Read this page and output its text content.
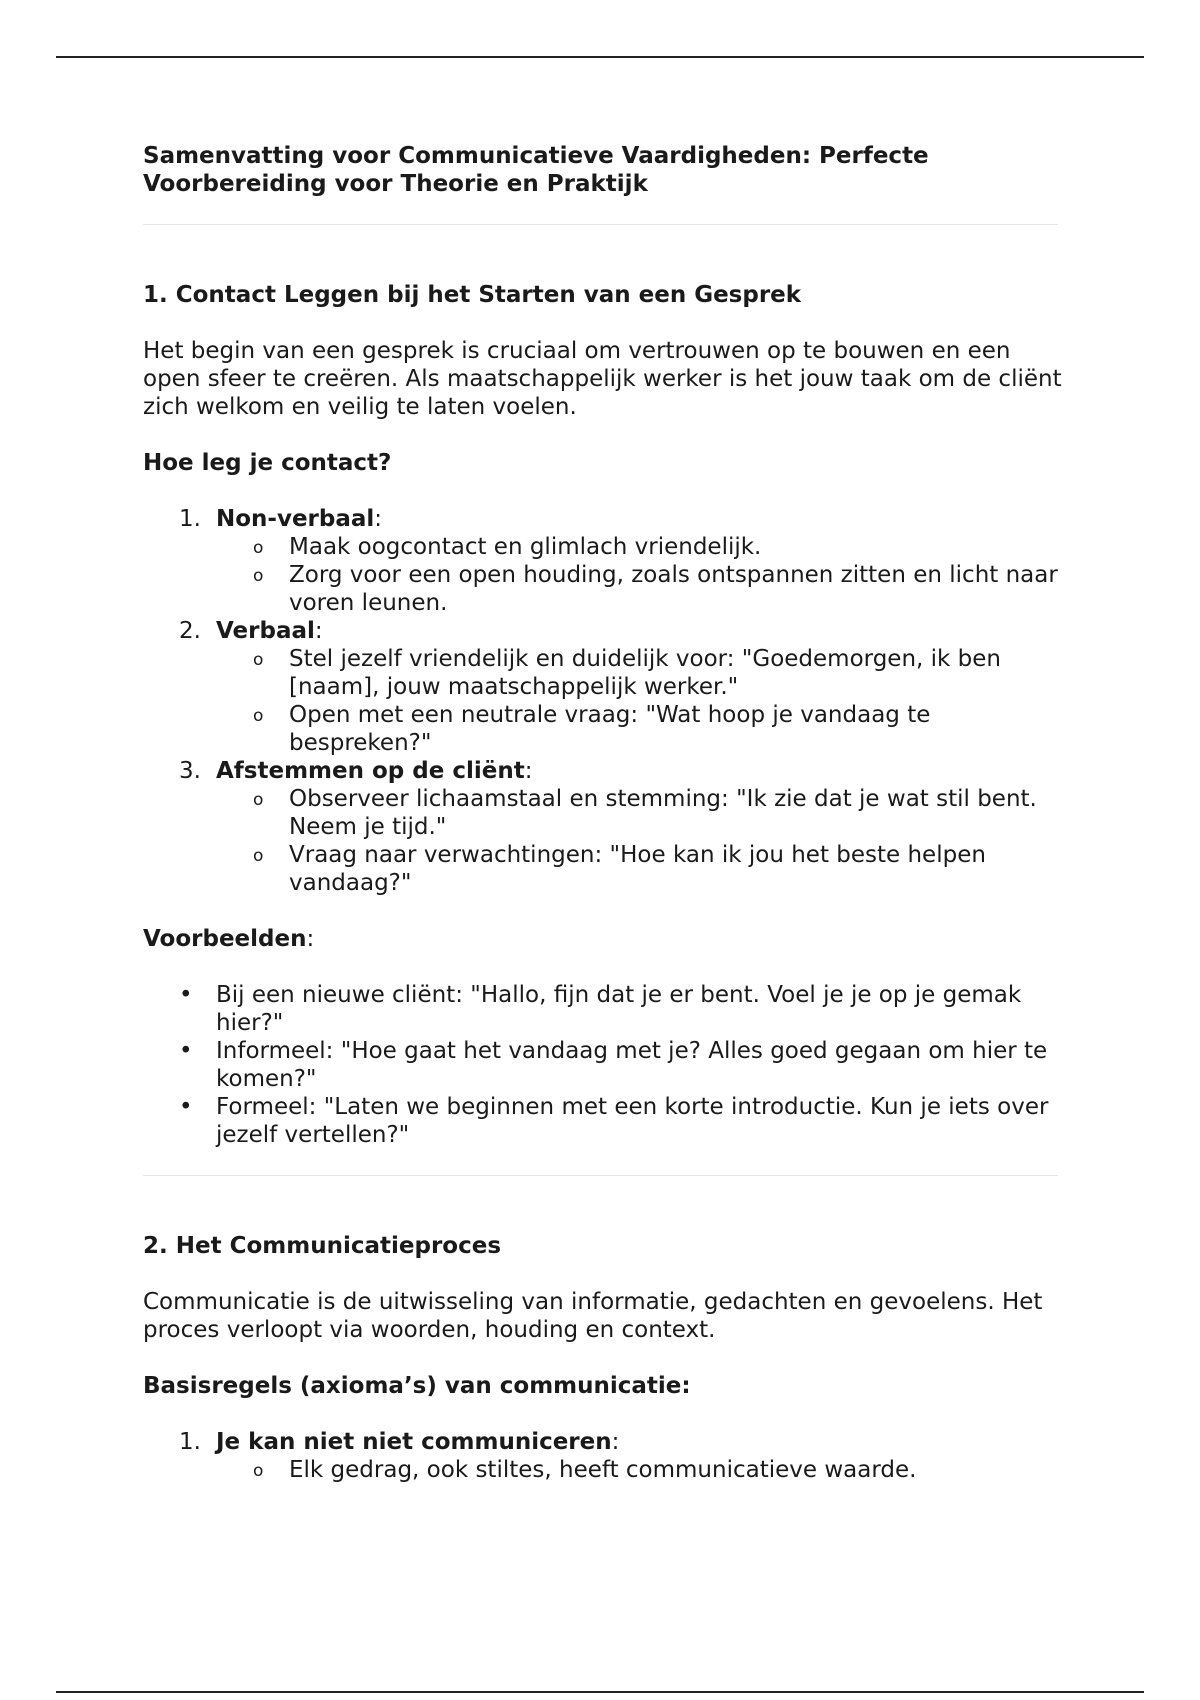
Samenvatting voor Communicatieve Vaardigheden: Perfecte Voorbereiding voor Theorie en Praktijk
1. Contact Leggen bij het Starten van een Gesprek

Het begin van een gesprek is cruciaal om vertrouwen op te bouwen en een open sfeer te creëren. Als maatschappelijk werker is het jouw taak om de cliënt zich welkom en veilig te laten voelen.

Hoe leg je contact?
1. Non-verbaal:
o Maak oogcontact en glimlach vriendelijk.
o Zorg voor een open houding, zoals ontspannen zitten en licht naar voren leunen.
2. Verbaal:
o Stel jezelf vriendelijk en duidelijk voor: "Goedemorgen, ik ben [naam], jouw maatschappelijk werker."
o Open met een neutrale vraag: "Wat hoop je vandaag te bespreken?"
3. Afstemmen op de cliënt:
o Observeer lichaamstaal en stemming: "Ik zie dat je wat stil bent. Neem je tijd."
o Vraag naar verwachtingen: "Hoe kan ik jou het beste helpen vandaag?"
Voorbeelden:
• Bij een nieuwe cliënt: "Hallo, fijn dat je er bent. Voel je je op je gemak hier?"
• Informeel: "Hoe gaat het vandaag met je? Alles goed gegaan om hier te komen?"
• Formeel: "Laten we beginnen met een korte introductie. Kun je iets over jezelf vertellen?"
2. Het Communicatieproces

Communicatie is de uitwisseling van informatie, gedachten en gevoelens. Het proces verloopt via woorden, houding en context.

Basisregels (axioma’s) van communicatie:
1. Je kan niet niet communiceren:
o Elk gedrag, ook stiltes, heeft communicatieve waarde.
